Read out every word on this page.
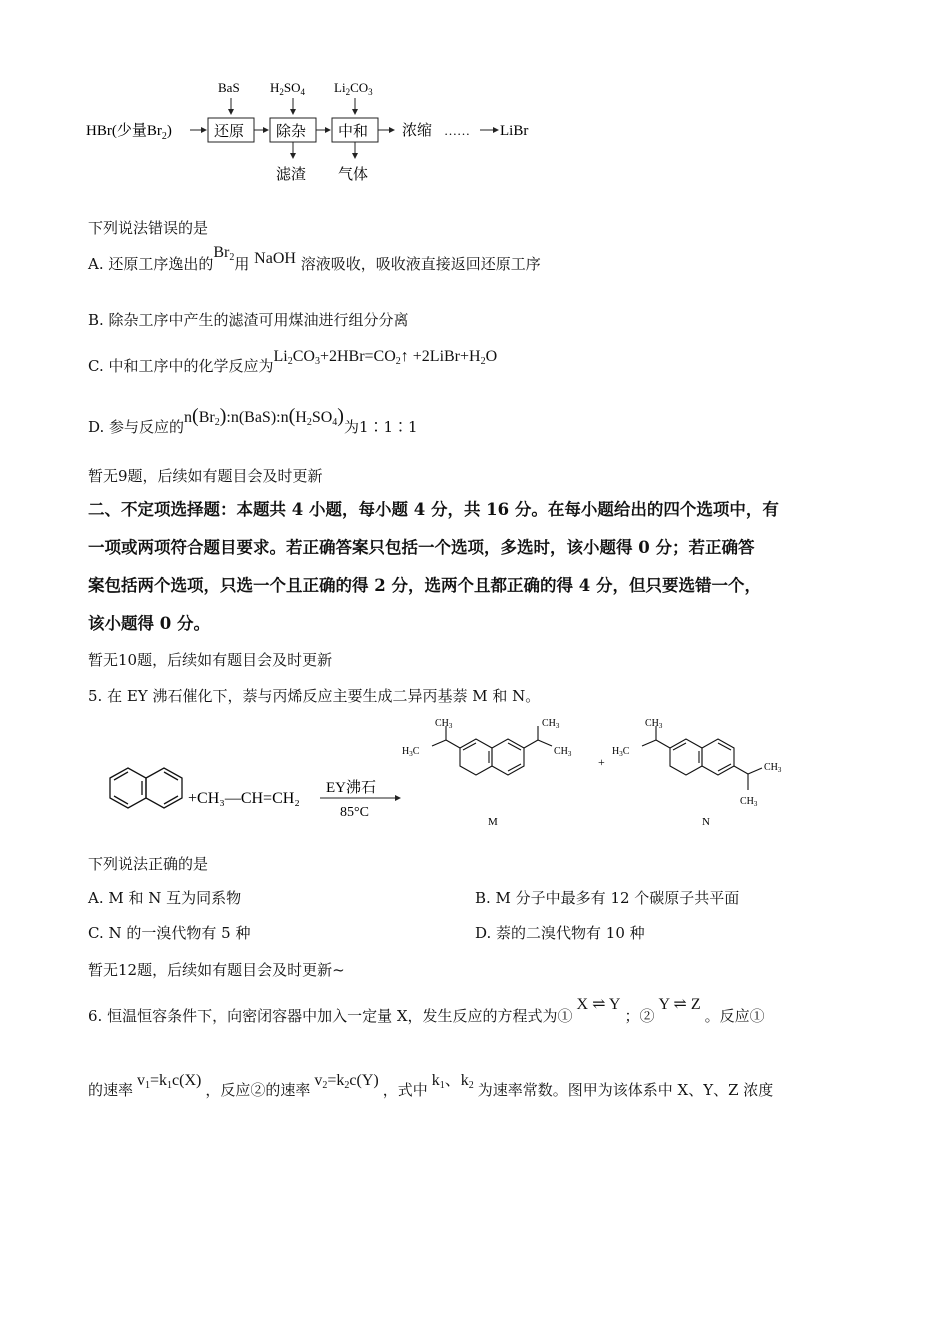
HBr(少量$Br_2$)	还原 除杂 中和 浓缩 …… LiBr
BaS $H_2SO_4$ $Li_2CO_3$
滤渣 气体
下列说法错误的是
A. 还原工序逸出的$Br_2$用 NaOH 溶液吸收，吸收液直接返回还原工序
B. 除杂工序中产生的滤渣可用煤油进行组分分离
C. 中和工序中的化学反应为$Li_2CO_3+2HBr=CO_2↑$ $+2LiBr+H_2O$
D. 参与反应的$n(Br_2):n(BaS):n(H_2SO_4)$为1∶1∶1
暂无9题，后续如有题目会及时更新
二、不定项选择题：本题共 4 小题，每小题 4 分，共 16 分。在每小题给出的四个选项中，有
一项或两项符合题目要求。若正确答案只包括一个选项，多选时，该小题得 0 分；若正确答
案包括两个选项，只选一个且正确的得 2 分，选两个且都正确的得 4 分，但只要选错一个，
该小题得 0 分。
暂无10题，后续如有题目会及时更新
5. 在 EY 沸石催化下，萘与丙烯反应主要生成二异丙基萘 M 和 N。
+CH₃—CH=CH₂
EY沸石
85°C
$CH_3$
$H_3C$
$CH_3$
$CH_3$
M
+
$CH_3$
$H_3C$
$CH_3$
$CH_3$
N
下列说法正确的是
A. M 和 N 互为同系物	B. M 分子中最多有 12 个碳原子共平面
C. N 的一溴代物有 5 种	D. 萘的二溴代物有 10 种
暂无12题，后续如有题目会及时更新~
6. 恒温恒容条件下，向密闭容器中加入一定量 X，发生反应的方程式为①X ⇌ Y；②Y ⇌ Z。反应①
的速率$v_1=k_1c(X)$，反应②的速率$v_2=k_2c(Y)$，式中$k_1$、$k_2$ 为速率常数。图甲为该体系中 X、Y、Z 浓度
